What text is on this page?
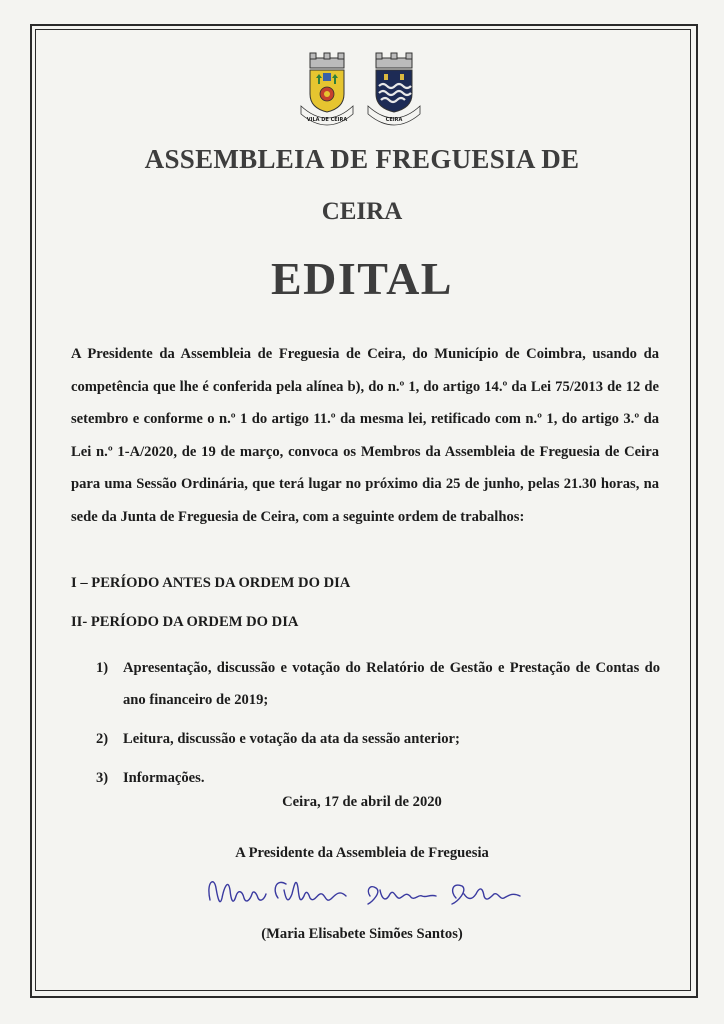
VILA DE CEIRA	CEIRA
ASSEMBLEIA DE FREGUESIA DE
CEIRA
EDITAL
A Presidente da Assembleia de Freguesia de Ceira, do Município de Coimbra, usando da competência que lhe é conferida pela alínea b), do n.º 1, do artigo 14.º da Lei 75/2013 de 12 de setembro e conforme o n.º 1 do artigo 11.º da mesma lei, retificado com n.º 1, do artigo 3.º da Lei n.º 1-A/2020, de 19 de março, convoca os Membros da Assembleia de Freguesia de Ceira para uma Sessão Ordinária, que terá lugar no próximo dia 25 de junho, pelas 21.30 horas, na sede da Junta de Freguesia de Ceira, com a seguinte ordem de trabalhos:
I – PERÍODO ANTES DA ORDEM DO DIA
II- PERÍODO DA ORDEM DO DIA
1) Apresentação, discussão e votação do Relatório de Gestão e Prestação de Contas do ano financeiro de 2019;
2) Leitura, discussão e votação da ata da sessão anterior;
3) Informações.
Ceira, 17 de abril de 2020
A Presidente da Assembleia de Freguesia
(Maria Elisabete Simões Santos)
